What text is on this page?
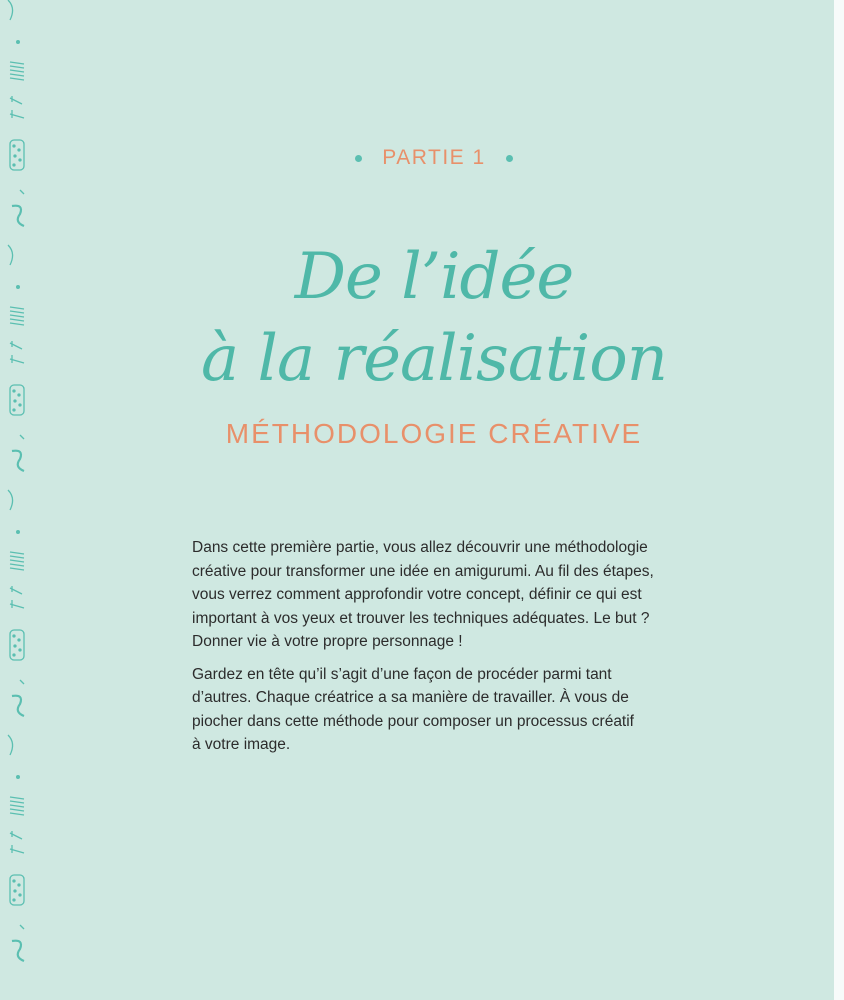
PARTIE 1
De l’idée
à la réalisation
MÉTHODOLOGIE CRÉATIVE

Dans cette première partie, vous allez découvrir une méthodologie
créative pour transformer une idée en amigurumi. Au fil des étapes,
vous verrez comment approfondir votre concept, définir ce qui est
important à vos yeux et trouver les techniques adéquates. Le but ?
Donner vie à votre propre personnage !

Gardez en tête qu’il s’agit d’une façon de procéder parmi tant
d’autres. Chaque créatrice a sa manière de travailler. À vous de
piocher dans cette méthode pour composer un processus créatif
à votre image.
